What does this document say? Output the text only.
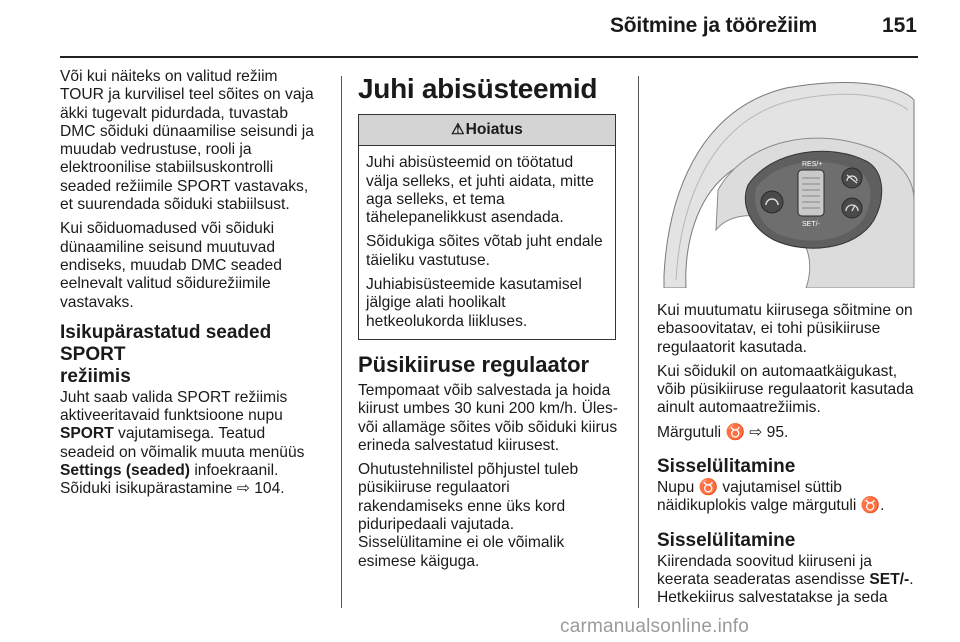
Sõitmine ja töörežiim	151

Või kui näiteks on valitud režiim
TOUR ja kurvilisel teel sõites on vaja
äkki tugevalt pidurdada, tuvastab
DMC sõiduki dünaamilise seisundi ja
muudab vedrustuse, rooli ja
elektroonilise stabiilsuskontrolli
seaded režiimile SPORT vastavaks,
et suurendada sõiduki stabiilsust.

Kui sõiduomadused või sõiduki
dünaamiline seisund muutuvad
endiseks, muudab DMC seaded
eelnevalt valitud sõidurežiimile
vastavaks.

Isikupärastatud seaded SPORT
režiimis

Juht saab valida SPORT režiimis
aktiveeritavaid funktsioone nupu
SPORT vajutamisega. Teatud
seadeid on võimalik muuta menüüs
Settings (seaded) infoekraanil.
Sõiduki isikupärastamine ⇨ 104.

Juhi abisüsteemid
⚠Hoiatus

Juhi abisüsteemid on töötatud
välja selleks, et juhti aidata, mitte
aga selleks, et tema
tähelepanelikkust asendada.

Sõidukiga sõites võtab juht endale
täieliku vastutuse.

Juhiabisüsteemide kasutamisel
jälgige alati hoolikalt
hetkeolukorda liikluses.

Püsikiiruse regulaator

Tempomaat võib salvestada ja hoida
kiirust umbes 30 kuni 200 km/h. Üles-
või allamäge sõites võib sõiduki kiirus
erineda salvestatud kiirusest.

Ohutustehnilistel põhjustel tuleb
püsikiiruse regulaatori
rakendamiseks enne üks kord
piduripedaali vajutada.
Sisselülitamine ei ole võimalik
esimese käiguga.

RES/+
SET/-

Kui muutumatu kiirusega sõitmine on
ebasoovitatav, ei tohi püsikiiruse
regulaatorit kasutada.

Kui sõidukil on automaatkäigukast,
võib püsikiiruse regulaatorit kasutada
ainult automaatrežiimis.

Märgutuli ♉ ⇨ 95.

Sisselülitamine

Nupu ♉ vajutamisel süttib
näidikuplokis valge märgutuli ♉.

Sisselülitamine

Kiirendada soovitud kiiruseni ja
keerata seaderatas asendisse SET/-.
Hetkekiirus salvestatakse ja seda

carmanualsonline.info
